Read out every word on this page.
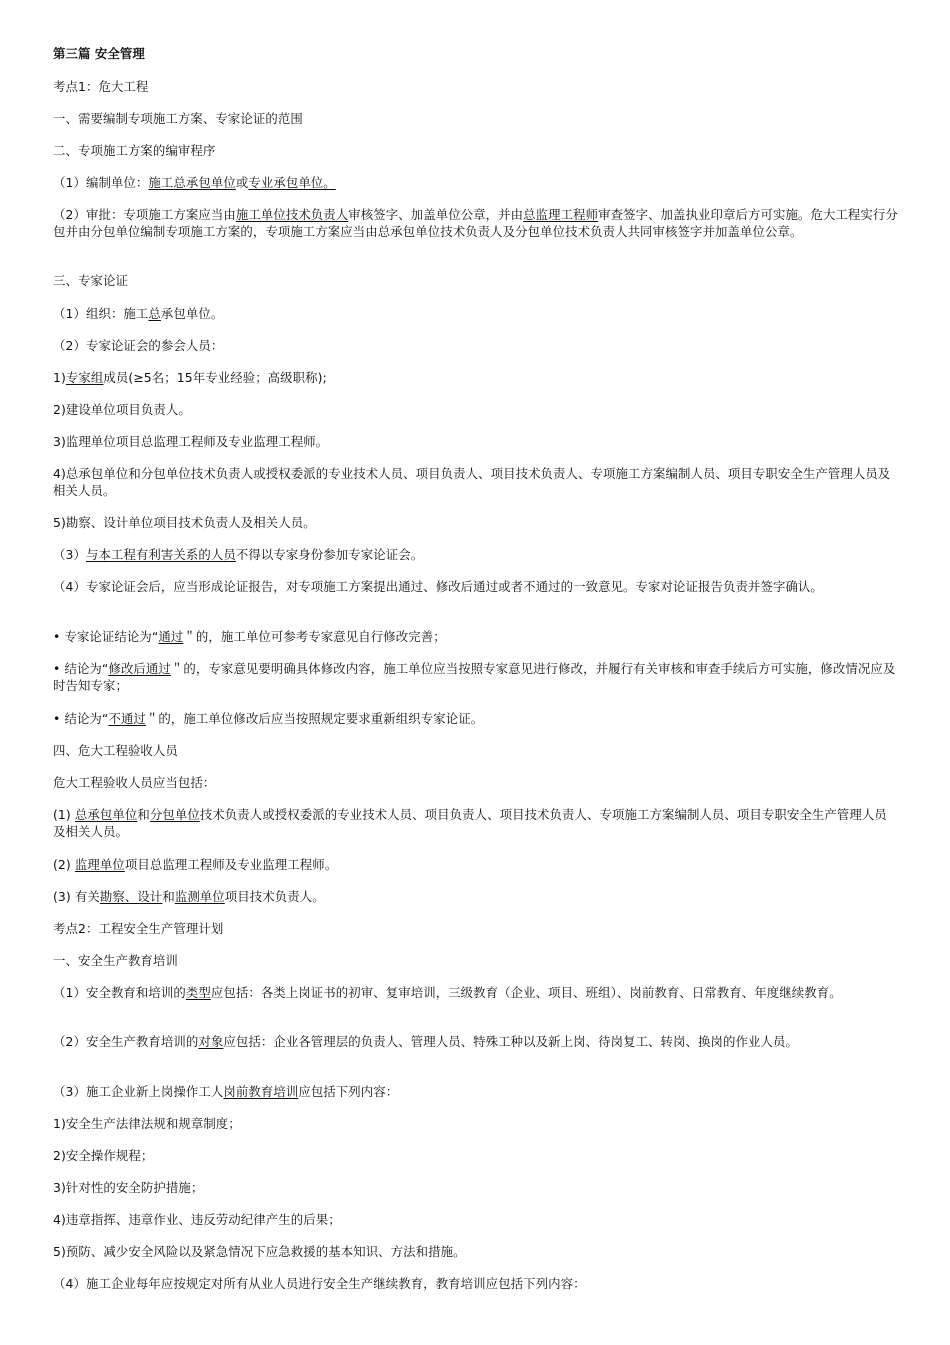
第三篇 安全管理

考点1：危大工程

一、需要编制专项施工方案、专家论证的范围

二、专项施工方案的编审程序

（1）编制单位：施工总承包单位或专业承包单位。

（2）审批：专项施工方案应当由施工单位技术负责人审核签字、加盖单位公章，并由总监理工程师审查签字、加盖执业印章后方可实施。危大工程实行分包并由分包单位编制专项施工方案的，专项施工方案应当由总承包单位技术负责人及分包单位技术负责人共同审核签字并加盖单位公章。

三、专家论证

（1）组织：施工总承包单位。

（2）专家论证会的参会人员：

1)专家组成员(≥5名；15年专业经验；高级职称);

2)建设单位项目负责人。

3)监理单位项目总监理工程师及专业监理工程师。

4)总承包单位和分包单位技术负责人或授权委派的专业技术人员、项目负责人、项目技术负责人、专项施工方案编制人员、项目专职安全生产管理人员及相关人员。

5)勘察、设计单位项目技术负责人及相关人员。

（3）与本工程有利害关系的人员不得以专家身份参加专家论证会。

（4）专家论证会后，应当形成论证报告，对专项施工方案提出通过、修改后通过或者不通过的一致意见。专家对论证报告负责并签字确认。

• 专家论证结论为“通过＂的，施工单位可参考专家意见自行修改完善；

• 结论为“修改后通过＂的，专家意见要明确具体修改内容，施工单位应当按照专家意见进行修改，并履行有关审核和审查手续后方可实施，修改情况应及时告知专家；

• 结论为“不通过＂的，施工单位修改后应当按照规定要求重新组织专家论证。

四、危大工程验收人员

危大工程验收人员应当包括：

(1) 总承包单位和分包单位技术负责人或授权委派的专业技术人员、项目负责人、项目技术负责人、专项施工方案编制人员、项目专职安全生产管理人员及相关人员。

(2) 监理单位项目总监理工程师及专业监理工程师。

(3) 有关勘察、设计和监测单位项目技术负责人。

考点2：工程安全生产管理计划

一、安全生产教育培训

（1）安全教育和培训的类型应包括：各类上岗证书的初审、复审培训，三级教育（企业、项目、班组）、岗前教育、日常教育、年度继续教育。

（2）安全生产教育培训的对象应包括：企业各管理层的负责人、管理人员、特殊工种以及新上岗、待岗复工、转岗、换岗的作业人员。

（3）施工企业新上岗操作工人岗前教育培训应包括下列内容：

1)安全生产法律法规和规章制度；

2)安全操作规程；

3)针对性的安全防护措施；

4)违章指挥、违章作业、违反劳动纪律产生的后果；

5)预防、减少安全风险以及紧急情况下应急救援的基本知识、方法和措施。

（4）施工企业每年应按规定对所有从业人员进行安全生产继续教育，教育培训应包括下列内容：
